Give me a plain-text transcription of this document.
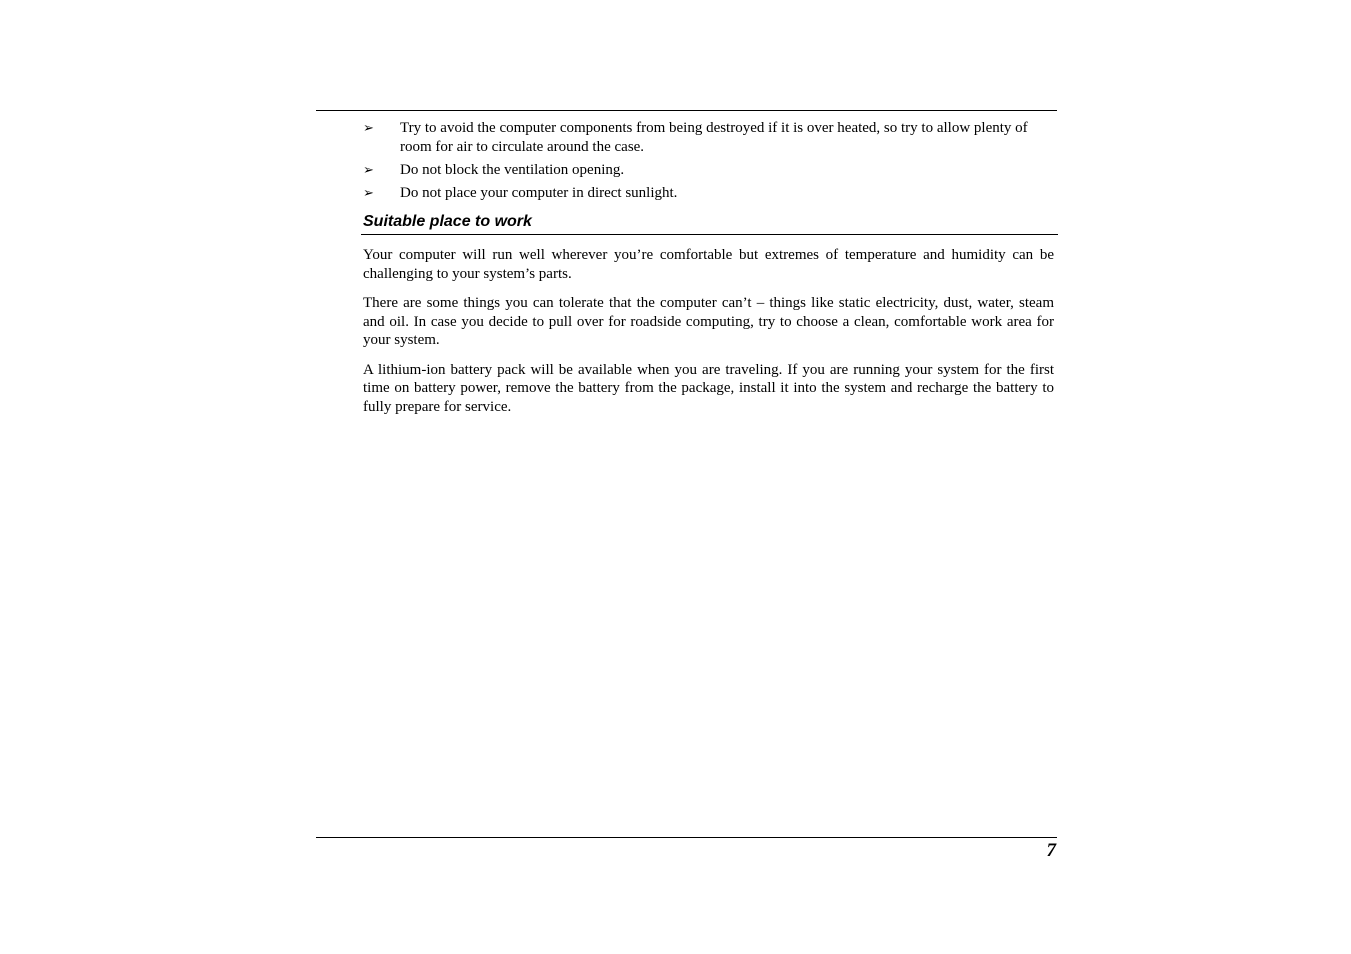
➢ Try to avoid the computer components from being destroyed if it is over heated, so try to allow plenty of room for air to circulate around the case.
➢ Do not block the ventilation opening.
➢ Do not place your computer in direct sunlight.
Suitable place to work

Your computer will run well wherever you’re comfortable but extremes of temperature and humidity can be challenging to your system’s parts.

There are some things you can tolerate that the computer can’t – things like static electricity, dust, water, steam and oil. In case you decide to pull over for roadside computing, try to choose a clean, comfortable work area for your system.

A lithium-ion battery pack will be available when you are traveling. If you are running your system for the first time on battery power, remove the battery from the package, install it into the system and recharge the battery to fully prepare for service.

7
